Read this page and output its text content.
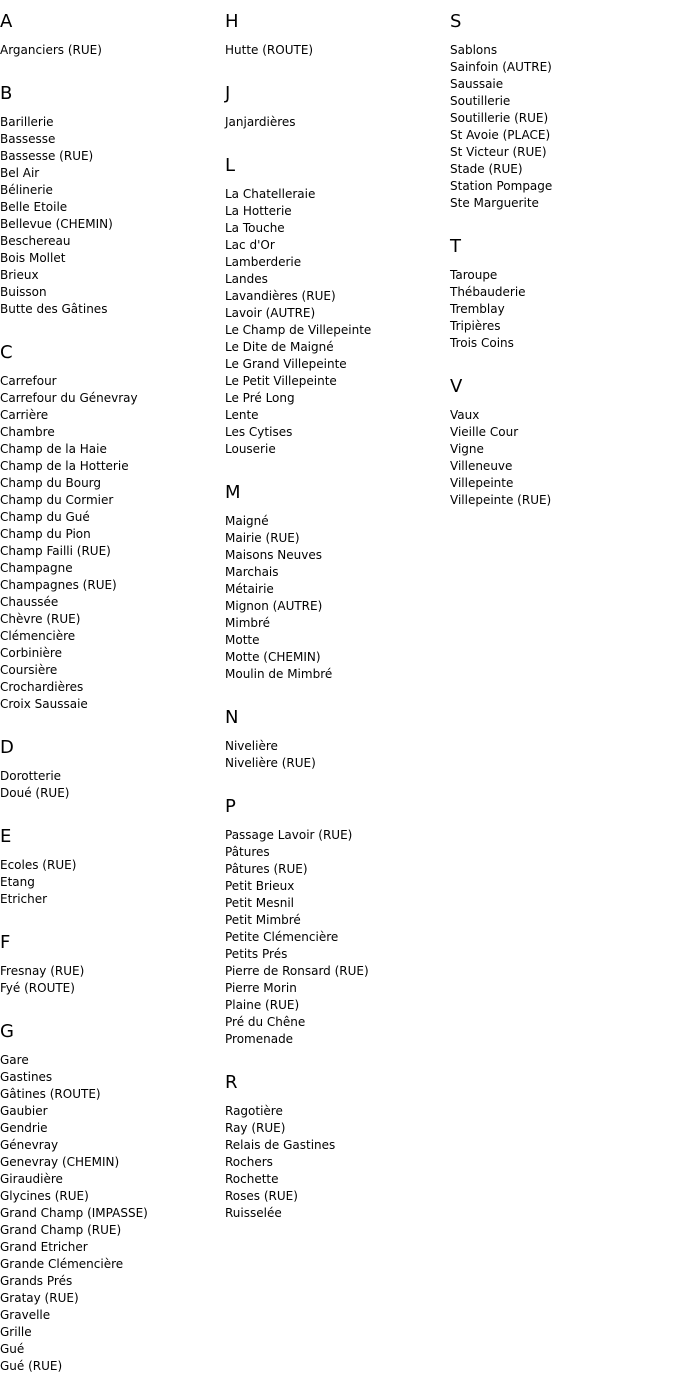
A
Arganciers (RUE)
B
Barillerie
Bassesse
Bassesse (RUE)
Bel Air
Bélinerie
Belle Etoile
Bellevue (CHEMIN)
Beschereau
Bois Mollet
Brieux
Buisson
Butte des Gâtines
C
Carrefour
Carrefour du Génevray
Carrière
Chambre
Champ de la Haie
Champ de la Hotterie
Champ du Bourg
Champ du Cormier
Champ du Gué
Champ du Pion
Champ Failli (RUE)
Champagne
Champagnes (RUE)
Chaussée
Chèvre (RUE)
Clémencière
Corbinière
Coursière
Crochardières
Croix Saussaie
D
Dorotterie
Doué (RUE)
E
Ecoles (RUE)
Etang
Etricher
F
Fresnay (RUE)
Fyé (ROUTE)
G
Gare
Gastines
Gâtines (ROUTE)
Gaubier
Gendrie
Génevray
Genevray (CHEMIN)
Giraudière
Glycines (RUE)
Grand Champ (IMPASSE)
Grand Champ (RUE)
Grand Etricher
Grande Clémencière
Grands Prés
Gratay (RUE)
Gravelle
Grille
Gué
Gué (RUE)
H
Hutte (ROUTE)
J
Janjardières
L
La Chatelleraie
La Hotterie
La Touche
Lac d'Or
Lamberderie
Landes
Lavandières (RUE)
Lavoir (AUTRE)
Le Champ de Villepeinte
Le Dite de Maigné
Le Grand Villepeinte
Le Petit Villepeinte
Le Pré Long
Lente
Les Cytises
Louserie
M
Maigné
Mairie (RUE)
Maisons Neuves
Marchais
Métairie
Mignon (AUTRE)
Mimbré
Motte
Motte (CHEMIN)
Moulin de Mimbré
N
Nivelière
Nivelière (RUE)
P
Passage Lavoir (RUE)
Pâtures
Pâtures (RUE)
Petit Brieux
Petit Mesnil
Petit Mimbré
Petite Clémencière
Petits Prés
Pierre de Ronsard (RUE)
Pierre Morin
Plaine (RUE)
Pré du Chêne
Promenade
R
Ragotière
Ray (RUE)
Relais de Gastines
Rochers
Rochette
Roses (RUE)
Ruisselée
S
Sablons
Sainfoin (AUTRE)
Saussaie
Soutillerie
Soutillerie (RUE)
St Avoie (PLACE)
St Victeur (RUE)
Stade (RUE)
Station Pompage
Ste Marguerite
T
Taroupe
Thébauderie
Tremblay
Tripières
Trois Coins
V
Vaux
Vieille Cour
Vigne
Villeneuve
Villepeinte
Villepeinte (RUE)
